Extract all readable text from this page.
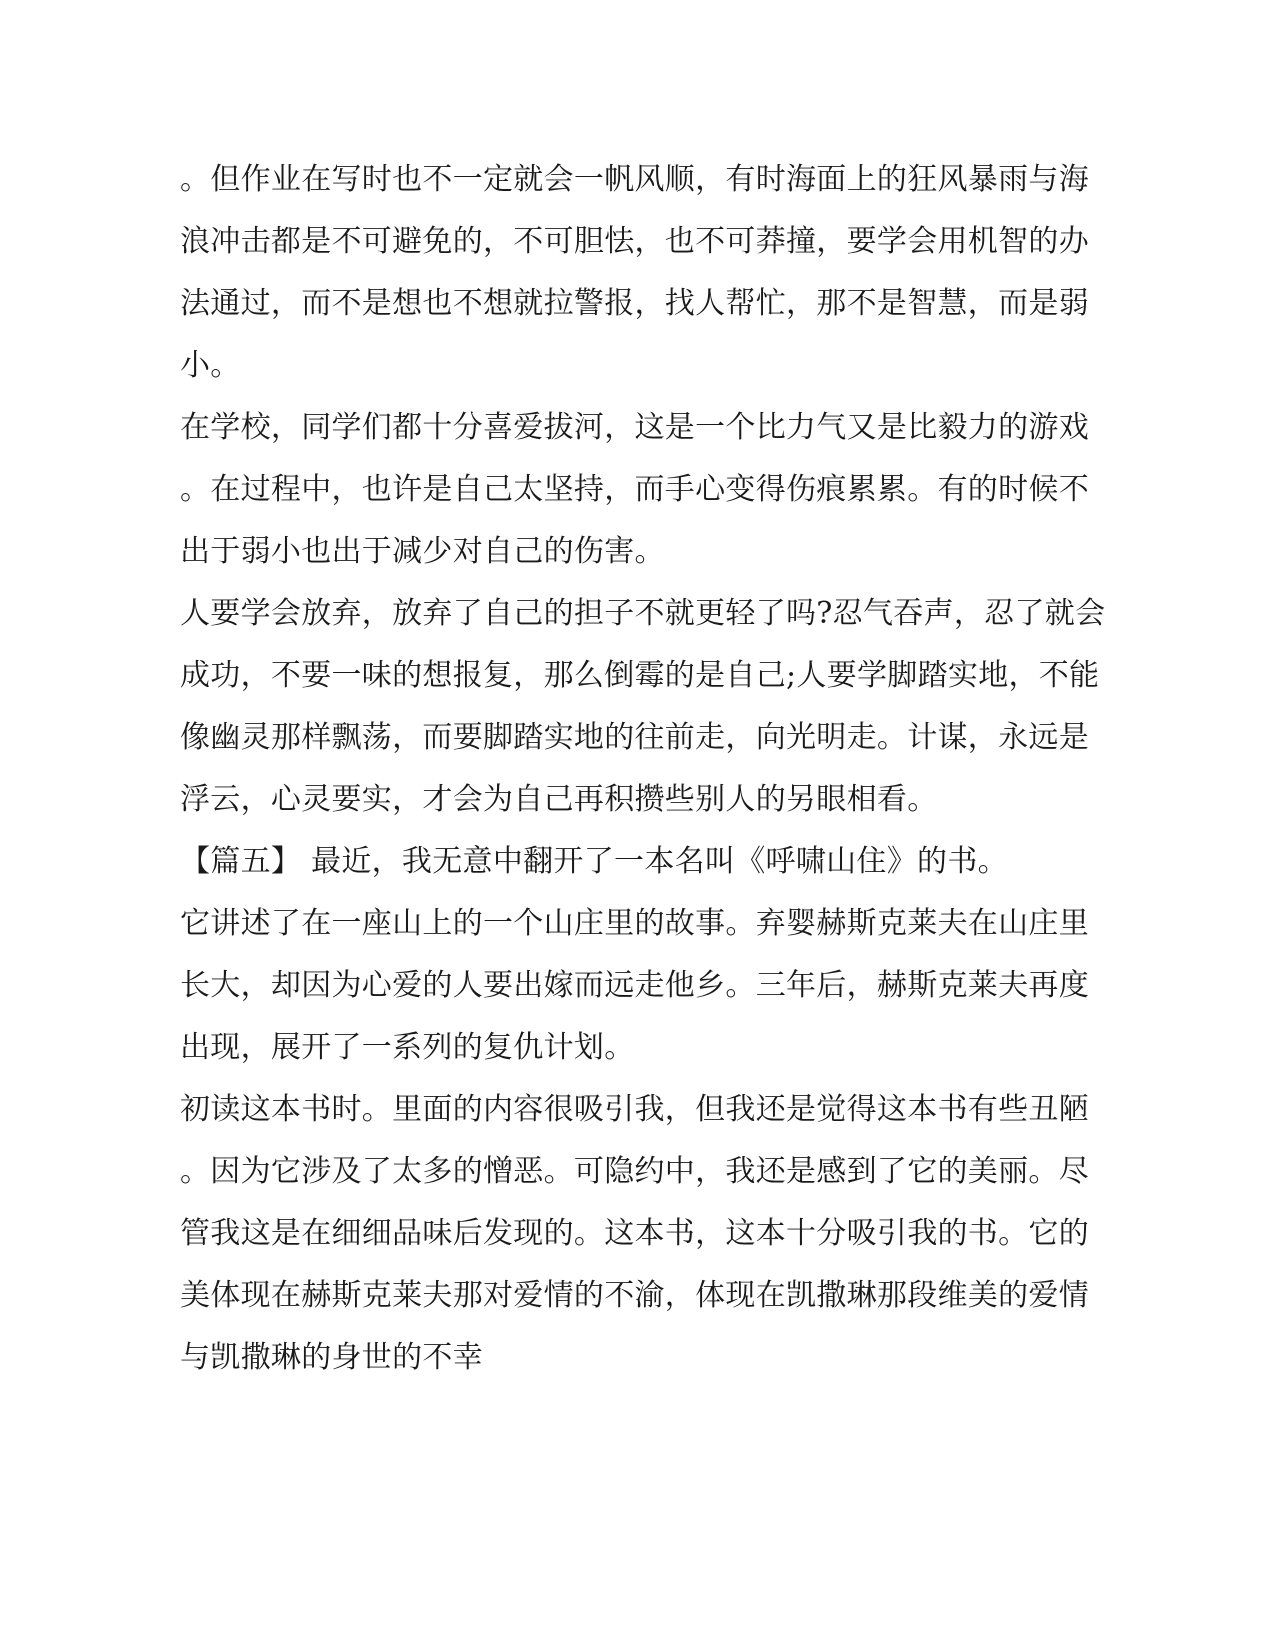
。但作业在写时也不一定就会一帆风顺，有时海面上的狂风暴雨与海
浪冲击都是不可避免的，不可胆怯，也不可莽撞，要学会用机智的办
法通过，而不是想也不想就拉警报，找人帮忙，那不是智慧，而是弱
小。
在学校，同学们都十分喜爱拔河，这是一个比力气又是比毅力的游戏
。在过程中，也许是自己太坚持，而手心变得伤痕累累。有的时候不
出于弱小也出于减少对自己的伤害。
人要学会放弃，放弃了自己的担子不就更轻了吗?忍气吞声，忍了就会
成功，不要一味的想报复，那么倒霉的是自己;人要学脚踏实地，不能
像幽灵那样飘荡，而要脚踏实地的往前走，向光明走。计谋，永远是
浮云，心灵要实，才会为自己再积攒些别人的另眼相看。
【篇五】 最近，我无意中翻开了一本名叫《呼啸山住》的书。
它讲述了在一座山上的一个山庄里的故事。弃婴赫斯克莱夫在山庄里
长大，却因为心爱的人要出嫁而远走他乡。三年后，赫斯克莱夫再度
出现，展开了一系列的复仇计划。
初读这本书时。里面的内容很吸引我，但我还是觉得这本书有些丑陋
。因为它涉及了太多的憎恶。可隐约中，我还是感到了它的美丽。尽
管我这是在细细品味后发现的。这本书，这本十分吸引我的书。它的
美体现在赫斯克莱夫那对爱情的不渝，体现在凯撒琳那段维美的爱情
与凯撒琳的身世的不幸
